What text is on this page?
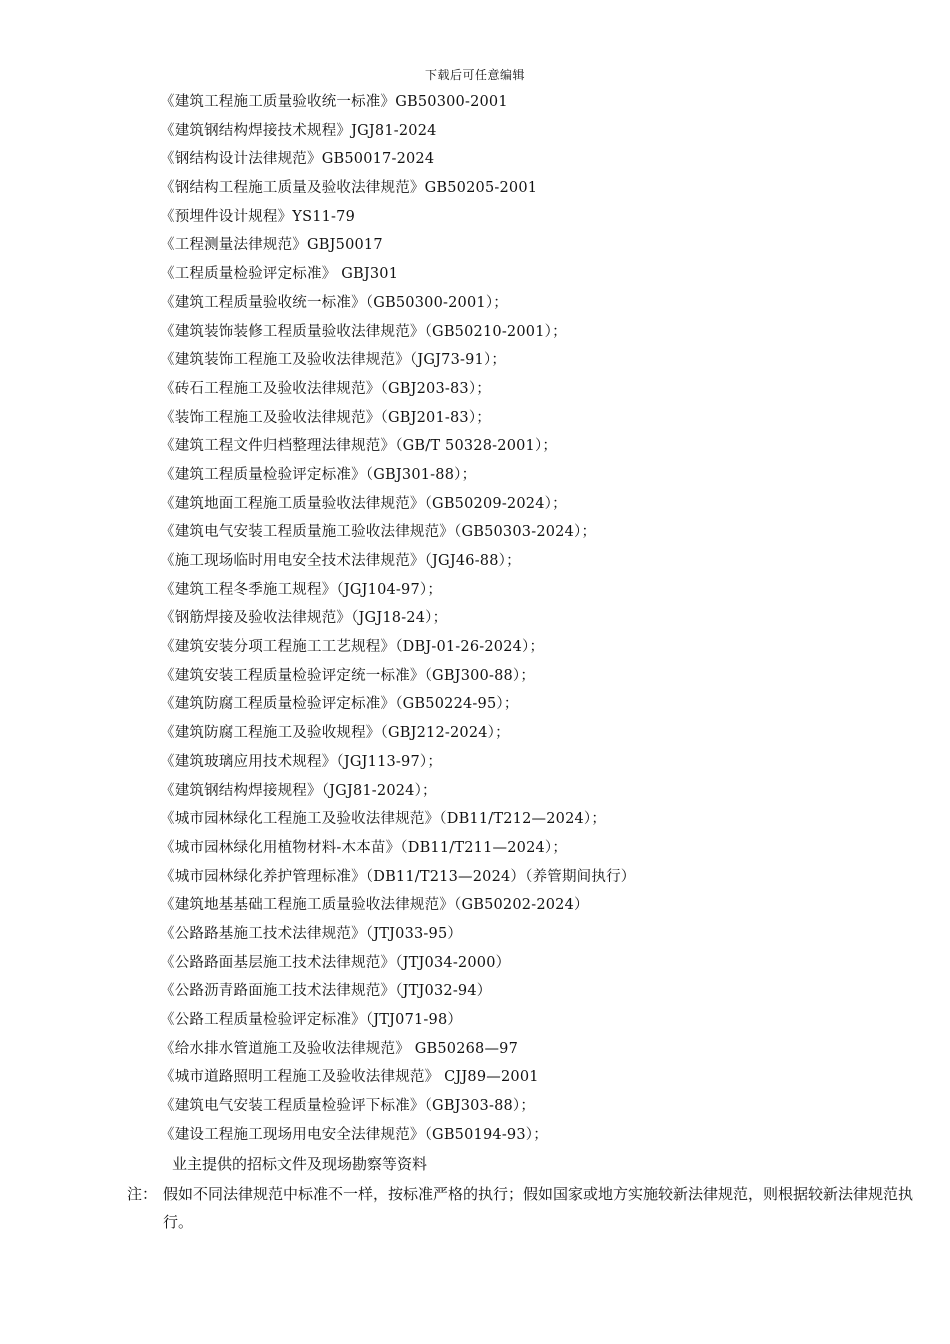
下载后可任意编辑
《建筑工程施工质量验收统一标准》GB50300-2001
《建筑钢结构焊接技术规程》JGJ81-2024
《钢结构设计法律规范》GB50017-2024
《钢结构工程施工质量及验收法律规范》GB50205-2001
《预埋件设计规程》YS11-79
《工程测量法律规范》GBJ50017
《工程质量检验评定标准》 GBJ301
《建筑工程质量验收统一标准》（GB50300-2001）；
《建筑装饰装修工程质量验收法律规范》（GB50210-2001）；
《建筑装饰工程施工及验收法律规范》（JGJ73-91）；
《砖石工程施工及验收法律规范》（GBJ203-83）；
《装饰工程施工及验收法律规范》（GBJ201-83）；
《建筑工程文件归档整理法律规范》（GB/T 50328-2001）；
《建筑工程质量检验评定标准》（GBJ301-88）；
《建筑地面工程施工质量验收法律规范》（GB50209-2024）；
《建筑电气安装工程质量施工验收法律规范》（GB50303-2024）；
《施工现场临时用电安全技术法律规范》（JGJ46-88）；
《建筑工程冬季施工规程》（JGJ104-97）；
《钢筋焊接及验收法律规范》（JGJ18-24）；
《建筑安装分项工程施工工艺规程》（DBJ-01-26-2024）；
《建筑安装工程质量检验评定统一标准》（GBJ300-88）；
《建筑防腐工程质量检验评定标准》（GB50224-95）；
《建筑防腐工程施工及验收规程》（GBJ212-2024）；
《建筑玻璃应用技术规程》（JGJ113-97）；
《建筑钢结构焊接规程》（JGJ81-2024）；
《城市园林绿化工程施工及验收法律规范》（DB11/T212—2024）；
《城市园林绿化用植物材料-木本苗》（DB11/T211—2024）；
《城市园林绿化养护管理标准》（DB11/T213—2024）（养管期间执行）
《建筑地基基础工程施工质量验收法律规范》（GB50202-2024）
《公路路基施工技术法律规范》（JTJ033-95）
《公路路面基层施工技术法律规范》（JTJ034-2000）
《公路沥青路面施工技术法律规范》（JTJ032-94）
《公路工程质量检验评定标准》（JTJ071-98）
《给水排水管道施工及验收法律规范》 GB50268—97
《城市道路照明工程施工及验收法律规范》 CJJ89—2001
《建筑电气安装工程质量检验评下标准》（GBJ303-88）；
《建设工程施工现场用电安全法律规范》（GB50194-93）；
业主提供的招标文件及现场勘察等资料
注： 假如不同法律规范中标准不一样，按标准严格的执行；假如国家或地方实施较新法律规范，则根据较新法律规范执行。
